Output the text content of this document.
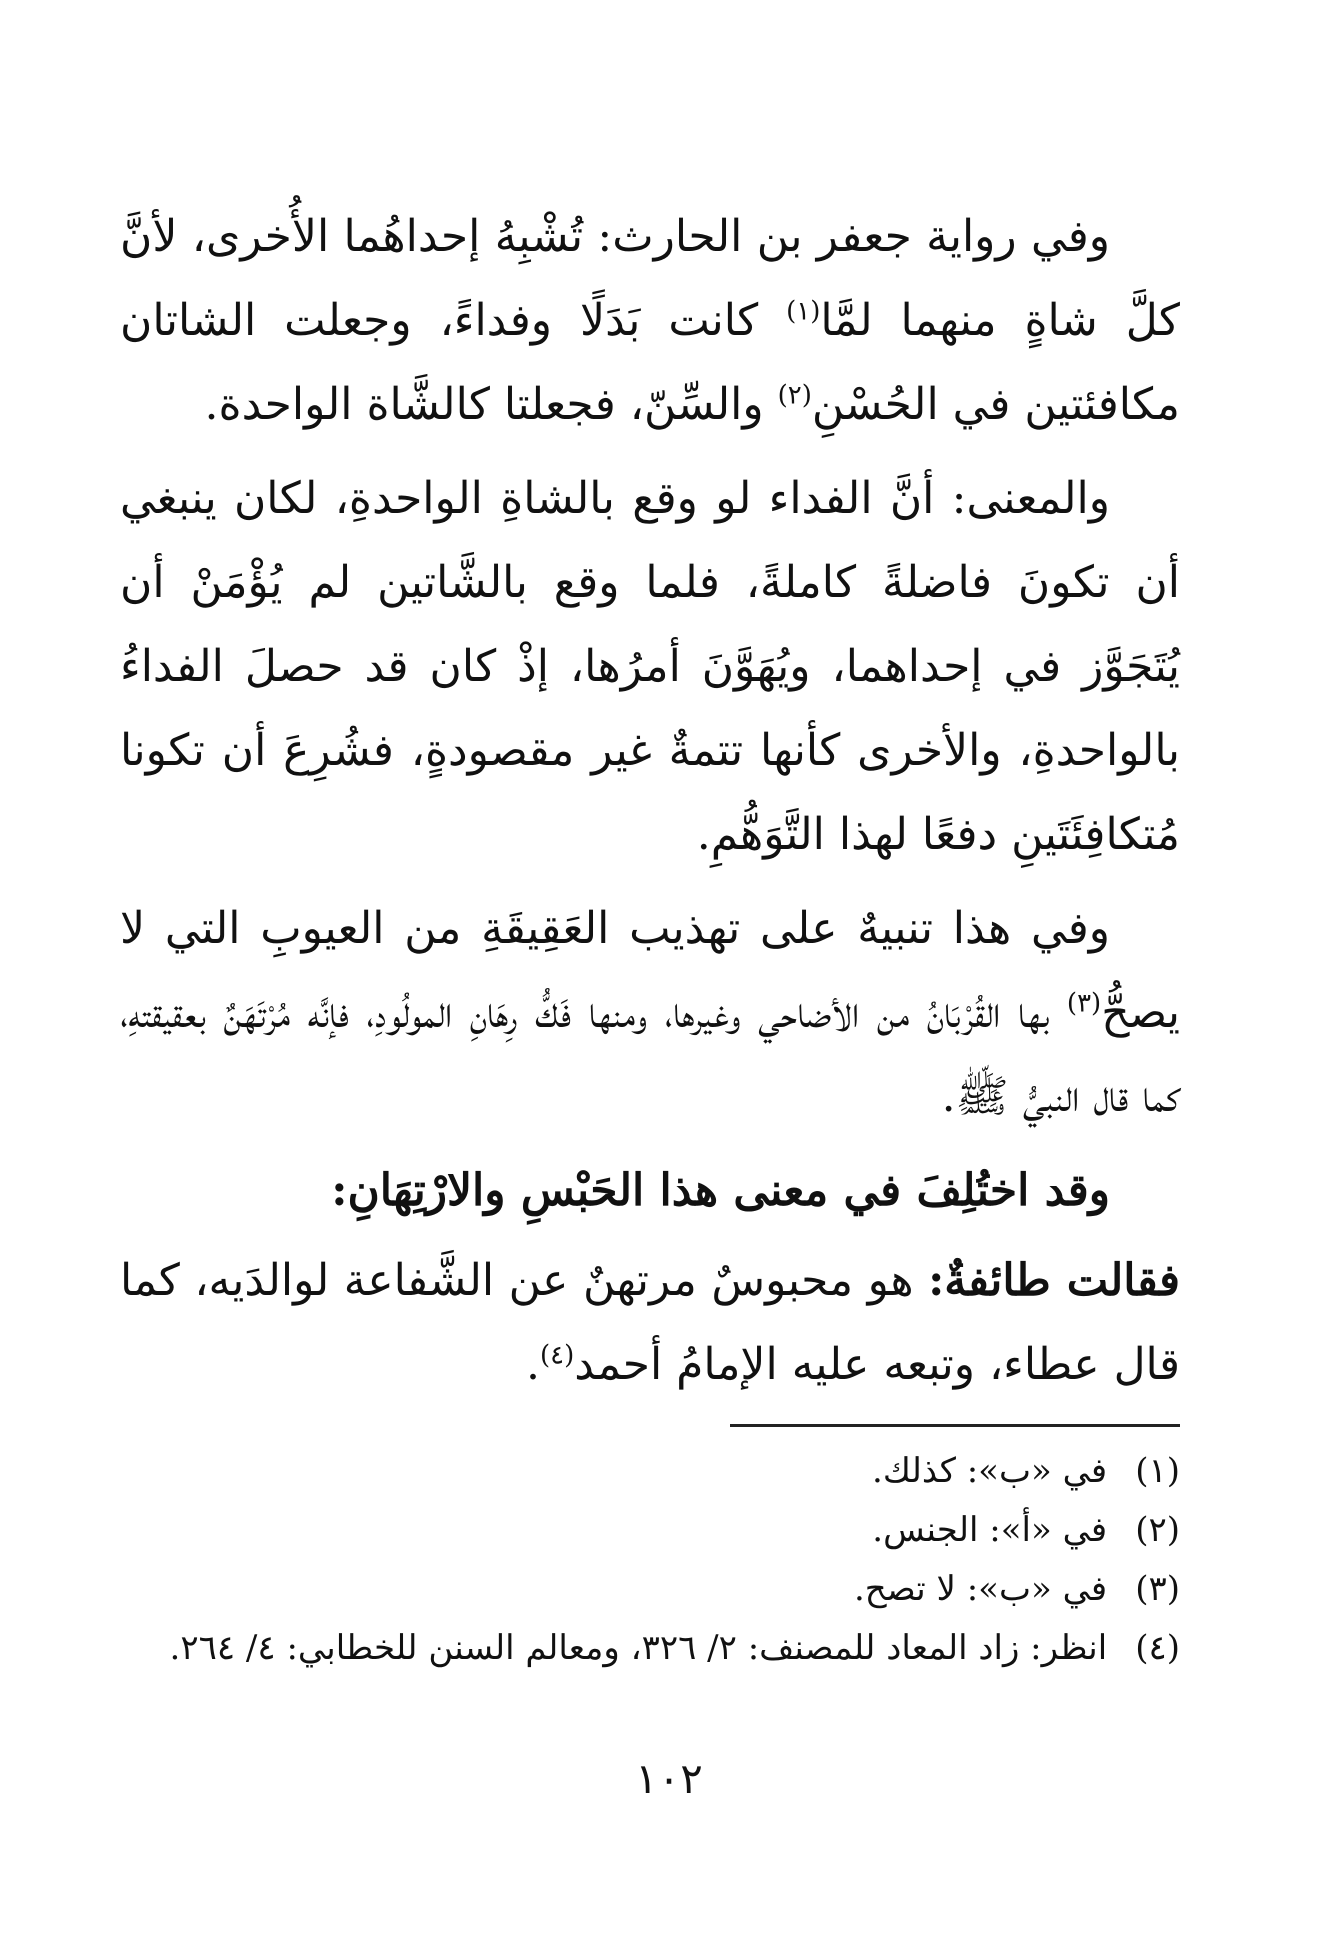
وفي رواية جعفر بن الحارث: تُشْبِهُ إحداهُما الأُخرى، لأنَّ كلَّ شاةٍ منهما لمَّا$^{(١)}$ كانت بَدَلًا وفداءً، وجعلت الشاتان مكافئتين في الحُسْنِ$^{(٢)}$ والسِّنّ، فجعلتا كالشَّاة الواحدة.

والمعنى: أنَّ الفداء لو وقع بالشاةِ الواحدةِ، لكان ينبغي أن تكونَ فاضلةً كاملةً، فلما وقع بالشَّاتين لم يُؤْمَنْ أن يُتَجَوَّز في إحداهما، ويُهَوَّنَ أمرُها، إذْ كان قد حصلَ الفداءُ بالواحدةِ، والأخرى كأنها تتمةٌ غير مقصودةٍ، فشُرِعَ أن تكونا مُتكافِئَتَينِ دفعًا لهذا التَّوَهُّمِ.

وفي هذا تنبيهٌ على تهذيب العَقِيقَةِ من العيوبِ التي لا يصحُّ$^{(٣)}$ بها القُرْبَانُ من الأضاحي وغيرها، ومنها فَكُّ رِهَانِ المولُودِ، فإنَّه مُرْتَهَنٌ بعقيقتهِ، كما قال النبيُّ ﷺ.

وقد اختُلِفَ في معنى هذا الحَبْسِ والارْتِهَانِ:

فقالت طائفةٌ: هو محبوسٌ مرتهنٌ عن الشَّفاعة لوالدَيه، كما قال عطاء، وتبعه عليه الإمامُ أحمد$^{(٤)}$.

(١) في «ب»: كذلك.
(٢) في «أ»: الجنس.
(٣) في «ب»: لا تصح.
(٤) انظر: زاد المعاد للمصنف: ٢/ ٣٢٦، ومعالم السنن للخطابي: ٤/ ٢٦٤.
١٠٢
